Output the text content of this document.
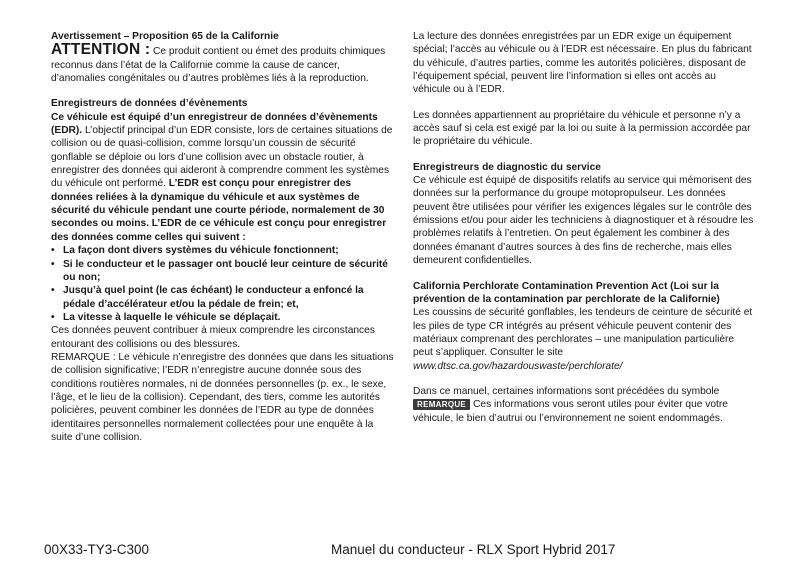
Avertissement – Proposition 65 de la Californie

ATTENTION : Ce produit contient ou émet des produits chimiques reconnus dans l’état de la Californie comme la cause de cancer, d’anomalies congénitales ou d’autres problèmes liés à la reproduction.

Enregistreurs de données d’évènements

Ce véhicule est équipé d’un enregistreur de données d’évènements (EDR). L’objectif principal d’un EDR consiste, lors de certaines situations de collision ou de quasi-collision, comme lorsqu’un coussin de sécurité gonflable se déploie ou lors d’une collision avec un obstacle routier, à enregistrer des données qui aideront à comprendre comment les systèmes du véhicule ont performé. L’EDR est conçu pour enregistrer des données reliées à la dynamique du véhicule et aux systèmes de sécurité du véhicule pendant une courte période, normalement de 30 secondes ou moins. L’EDR de ce véhicule est conçu pour enregistrer des données comme celles qui suivent :

• La façon dont divers systèmes du véhicule fonctionnent;
• Si le conducteur et le passager ont bouclé leur ceinture de sécurité ou non;
• Jusqu’à quel point (le cas échéant) le conducteur a enfoncé la pédale d’accélérateur et/ou la pédale de frein; et,
• La vitesse à laquelle le véhicule se déplaçait.

Ces données peuvent contribuer à mieux comprendre les circonstances entourant des collisions ou des blessures.

REMARQUE : Le véhicule n’enregistre des données que dans les situations de collision significative; l’EDR n’enregistre aucune donnée sous des conditions routières normales, ni de données personnelles (p. ex., le sexe, l’âge, et le lieu de la collision). Cependant, des tiers, comme les autorités policières, peuvent combiner les données de l’EDR au type de données identitaires personnelles normalement collectées pour une enquête à la suite d’une collision.

La lecture des données enregistrées par un EDR exige un équipement spécial; l’accès au véhicule ou à l’EDR est nécessaire. En plus du fabricant du véhicule, d’autres parties, comme les autorités policières, disposant de l’équipement spécial, peuvent lire l’information si elles ont accès au véhicule ou à l’EDR.

Les données appartiennent au propriétaire du véhicule et personne n’y a accès sauf si cela est exigé par la loi ou suite à la permission accordée par le propriétaire du véhicule.

Enregistreurs de diagnostic du service

Ce véhicule est équipé de dispositifs relatifs au service qui mémorisent des données sur la performance du groupe motopropulseur. Les données peuvent être utilisées pour vérifier les exigences légales sur le contrôle des émissions et/ou pour aider les techniciens à diagnostiquer et à résoudre les problèmes relatifs à l’entretien. On peut également les combiner à des données émanant d’autres sources à des fins de recherche, mais elles demeurent confidentielles.

California Perchlorate Contamination Prevention Act (Loi sur la prévention de la contamination par perchlorate de la Californie)

Les coussins de sécurité gonflables, les tendeurs de ceinture de sécurité et les piles de type CR intégrés au présent véhicule peuvent contenir des matériaux comprenant des perchlorates – une manipulation particulière peut s’appliquer. Consulter le site

www.dtsc.ca.gov/hazardouswaste/perchlorate/

Dans ce manuel, certaines informations sont précédées du symbole

REMARQUE Ces informations vous seront utiles pour éviter que votre véhicule, le bien d’autrui ou l’environnement ne soient endommagés.

00X33-TY3-C300	Manuel du conducteur - RLX Sport Hybrid 2017
